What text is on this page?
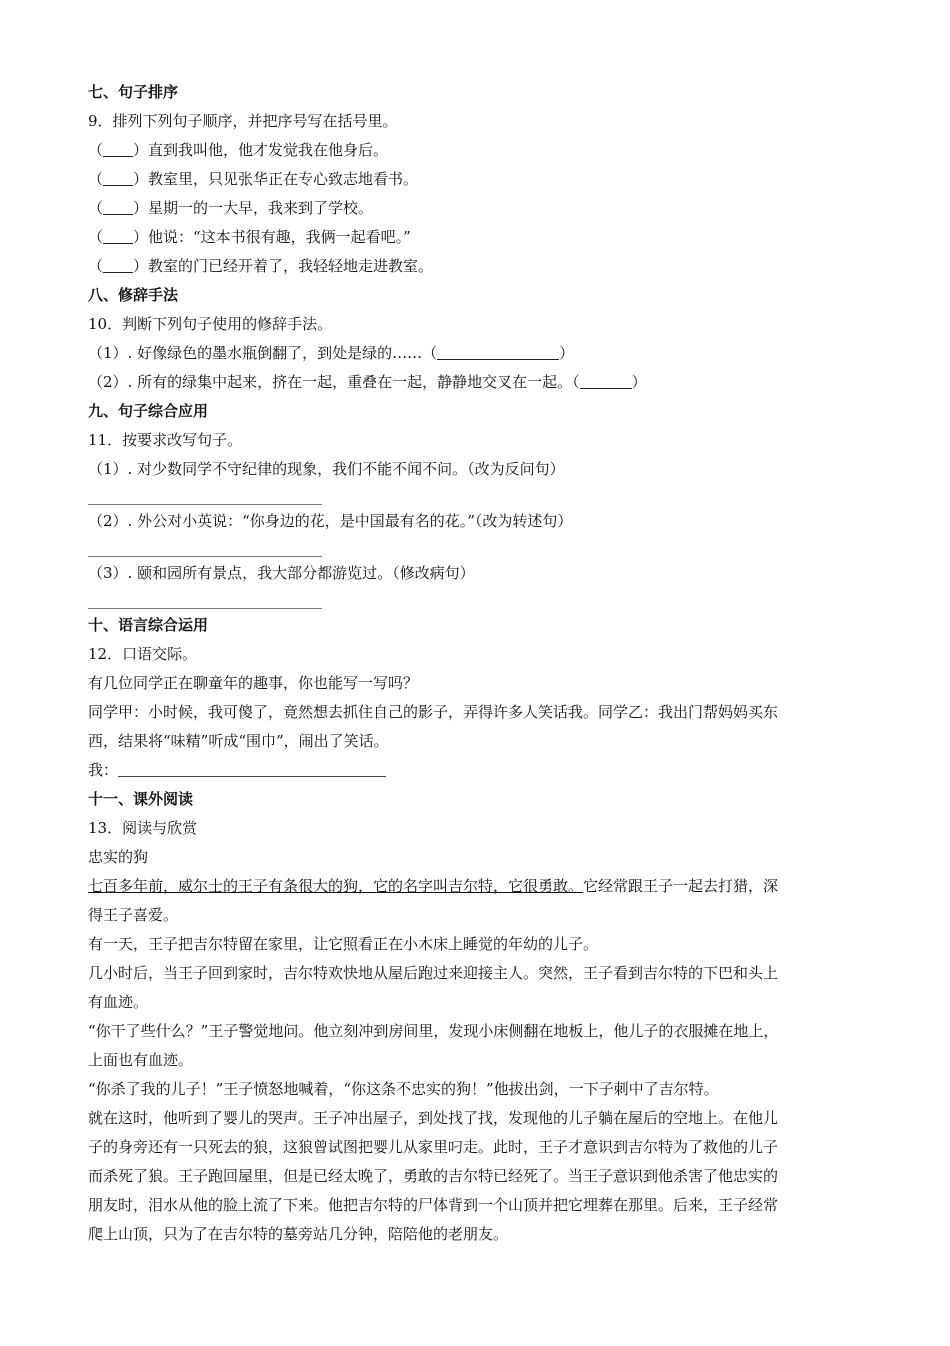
七、句子排序
9．排列下列句子顺序，并把序号写在括号里。
（ ）直到我叫他，他才发觉我在他身后。
（ ）教室里，只见张华正在专心致志地看书。
（ ）星期一的一大早，我来到了学校。
（ ）他说：“这本书很有趣，我俩一起看吧。”
（ ）教室的门已经开着了，我轻轻地走进教室。
八、修辞手法
10．判断下列句子使用的修辞手法。
（1）. 好像绿色的墨水瓶倒翻了，到处是绿的……（	）
（2）. 所有的绿集中起来，挤在一起，重叠在一起，静静地交叉在一起。（	）
九、句子综合应用
11．按要求改写句子。
（1）. 对少数同学不守纪律的现象，我们不能不闻不问。（改为反问句）
（2）. 外公对小英说：“你身边的花，是中国最有名的花。”（改为转述句）
（3）. 颐和园所有景点，我大部分都游览过。（修改病句）
十、语言综合运用
12．口语交际。
有几位同学正在聊童年的趣事，你也能写一写吗？
同学甲：小时候，我可傻了，竟然想去抓住自己的影子，弄得许多人笑话我。同学乙：我出门帮妈妈买东
西，结果将“味精”听成“围巾”，闹出了笑话。
我：
十一、课外阅读
13．阅读与欣赏
忠实的狗
七百多年前，威尔士的王子有条很大的狗，它的名字叫吉尔特，它很勇敢。它经常跟王子一起去打猎，深
得王子喜爱。
有一天，王子把吉尔特留在家里，让它照看正在小木床上睡觉的年幼的儿子。
几小时后，当王子回到家时，吉尔特欢快地从屋后跑过来迎接主人。突然，王子看到吉尔特的下巴和头上
有血迹。
“你干了些什么？”王子警觉地问。他立刻冲到房间里，发现小床侧翻在地板上，他儿子的衣服摊在地上，
上面也有血迹。
“你杀了我的儿子！”王子愤怒地喊着，“你这条不忠实的狗！”他拔出剑，一下子刺中了吉尔特。
就在这时，他听到了婴儿的哭声。王子冲出屋子，到处找了找，发现他的儿子躺在屋后的空地上。在他儿
子的身旁还有一只死去的狼，这狼曾试图把婴儿从家里叼走。此时，王子才意识到吉尔特为了救他的儿子
而杀死了狼。王子跑回屋里，但是已经太晚了，勇敢的吉尔特已经死了。当王子意识到他杀害了他忠实的
朋友时，泪水从他的脸上流了下来。他把吉尔特的尸体背到一个山顶并把它埋葬在那里。后来，王子经常
爬上山顶，只为了在吉尔特的墓旁站几分钟，陪陪他的老朋友。
